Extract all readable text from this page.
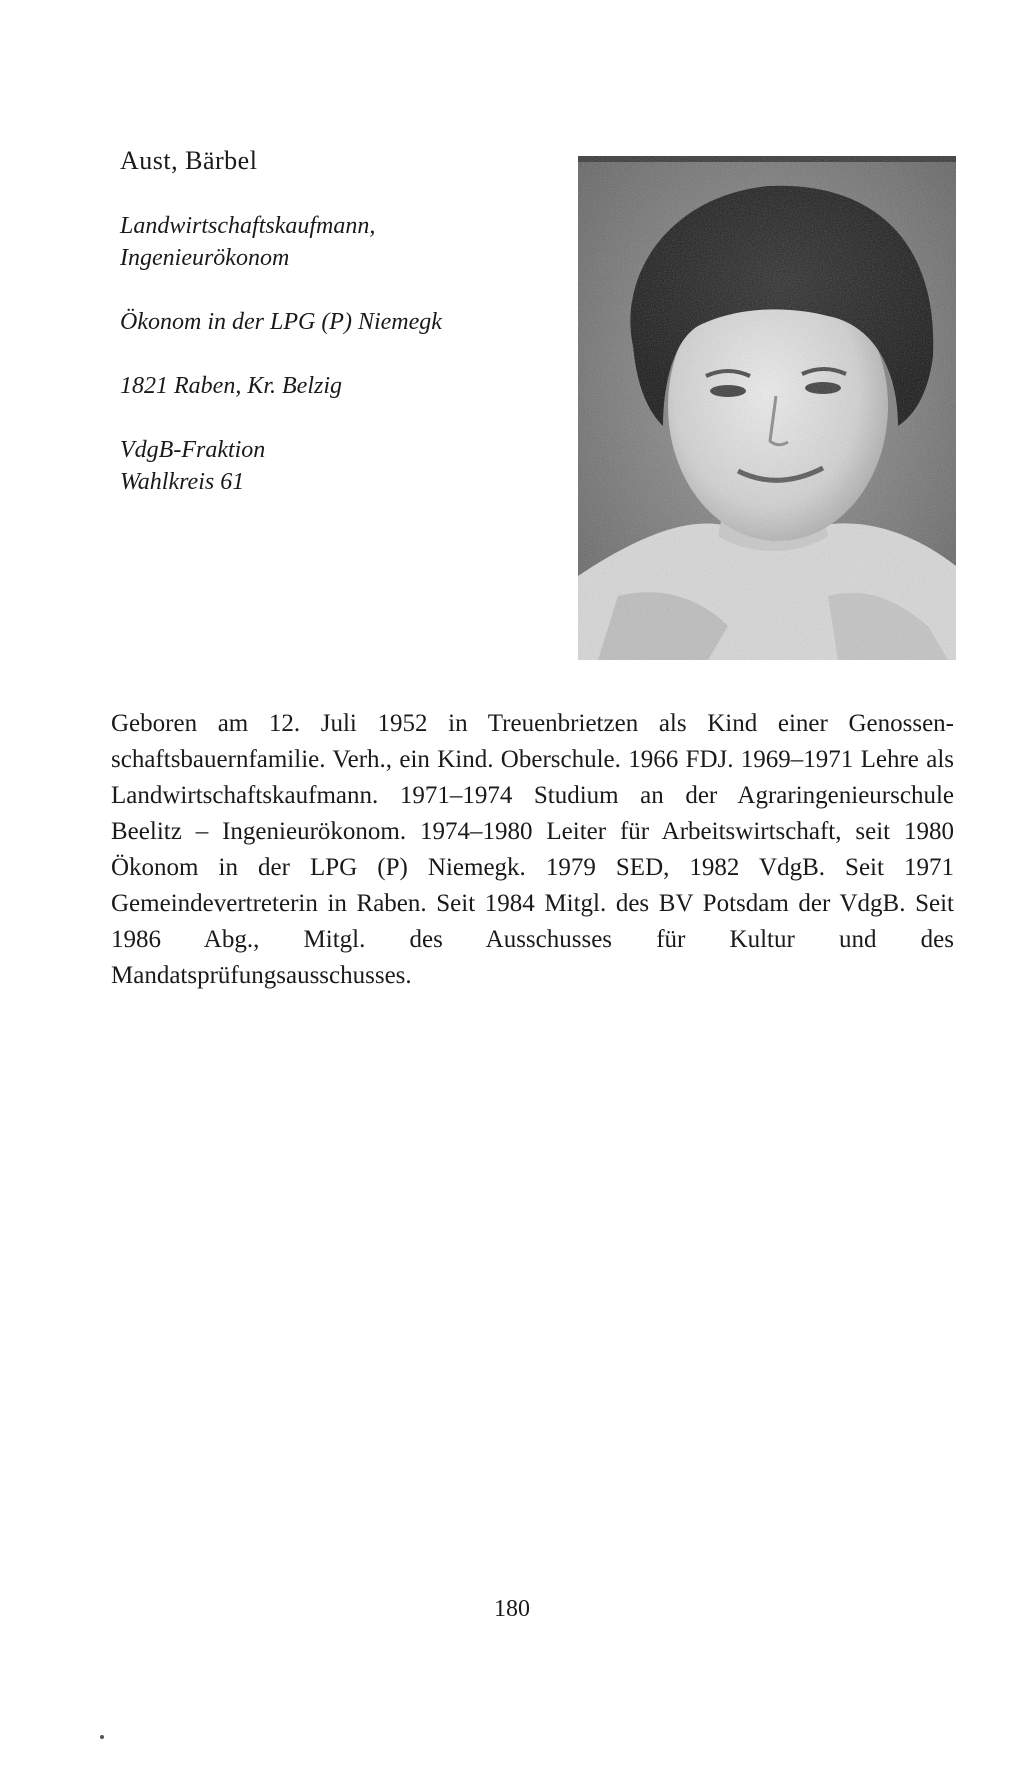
Aust, Bärbel

Landwirtschaftskaufmann,
Ingenieurökonom

Ökonom in der LPG (P) Niemegk

1821 Raben, Kr. Belzig

VdgB-Fraktion
Wahlkreis 61

Geboren am 12. Juli 1952 in Treuenbrietzen als Kind einer Genossenschaftsbauernfamilie. Verh., ein Kind. Oberschule. 1966 FDJ. 1969–1971 Lehre als Landwirtschaftskaufmann. 1971–1974 Studium an der Agraringenieurschule Beelitz – Ingenieurökonom. 1974–1980 Leiter für Arbeitswirtschaft, seit 1980 Ökonom in der LPG (P) Niemegk. 1979 SED, 1982 VdgB. Seit 1971 Gemeindevertreterin in Raben. Seit 1984 Mitgl. des BV Potsdam der VdgB. Seit 1986 Abg., Mitgl. des Ausschusses für Kultur und des Mandatsprüfungsausschusses.

180
